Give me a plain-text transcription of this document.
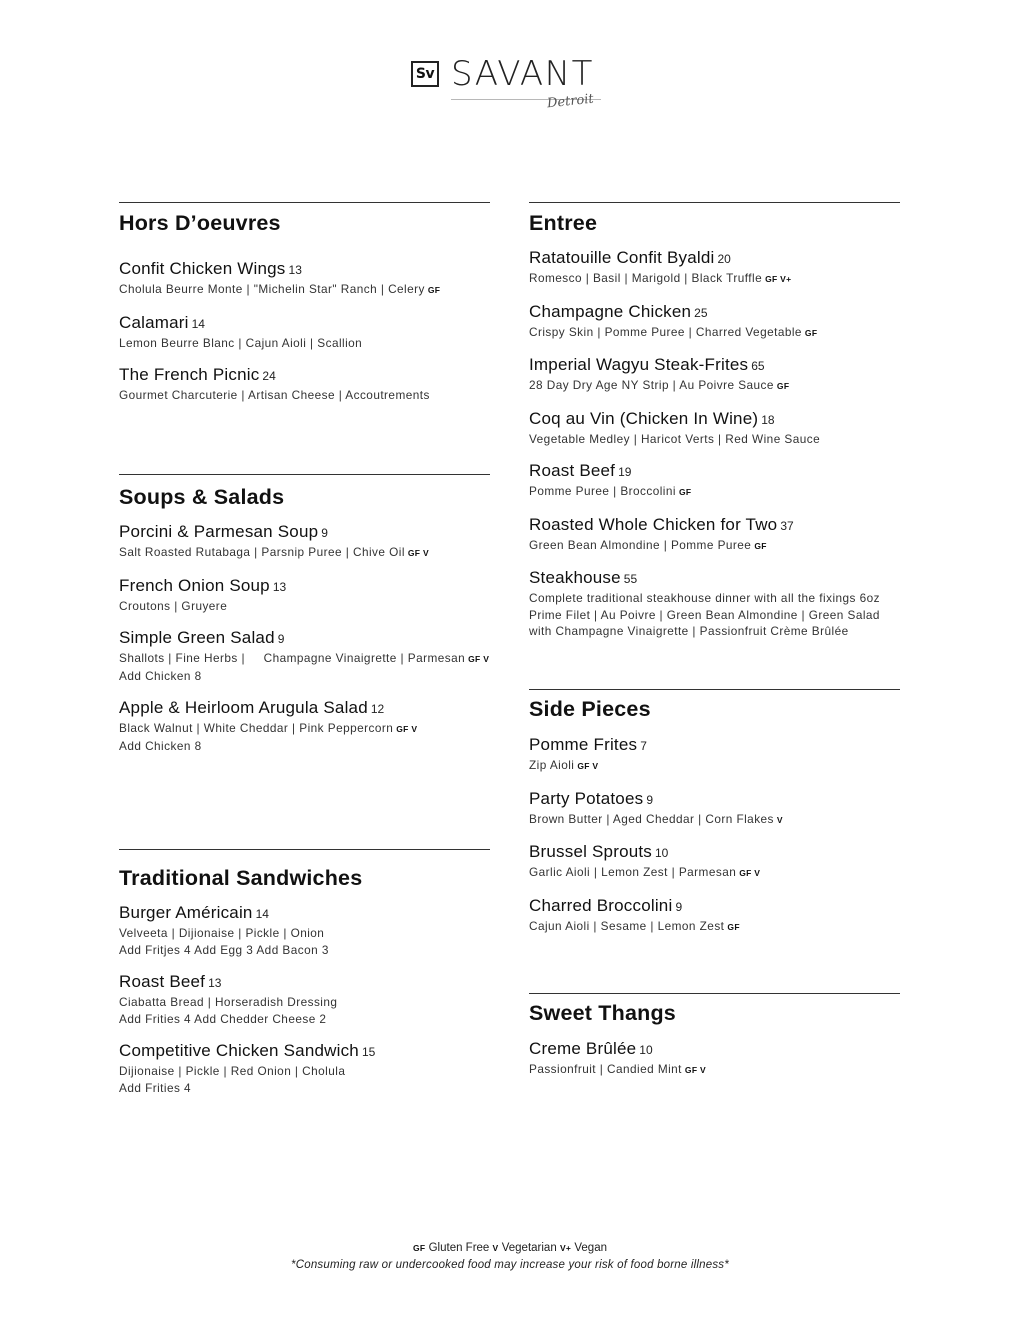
Sv SAVANT
Detroit
Hors D’oeuvres
Confit Chicken Wings 13
Cholula Beurre Monte | "Michelin Star" Ranch | Celery GF
Calamari 14
Lemon Beurre Blanc | Cajun Aioli | Scallion
The French Picnic 24
Gourmet Charcuterie | Artisan Cheese | Accoutrements
Soups & Salads
Porcini & Parmesan Soup 9
Salt Roasted Rutabaga | Parsnip Puree | Chive Oil GF V
French Onion Soup 13
Croutons | Gruyere
Simple Green Salad 9
Shallots | Fine Herbs |     Champagne Vinaigrette | Parmesan GF V
Add Chicken 8
Apple & Heirloom Arugula Salad 12
Black Walnut | White Cheddar | Pink Peppercorn GF V
Add Chicken 8
Traditional Sandwiches
Burger Américain 14
Velveeta | Dijionaise | Pickle | Onion
Add Fritjes 4 Add Egg 3 Add Bacon 3
Roast Beef 13
Ciabatta Bread | Horseradish Dressing
Add Frities 4 Add Chedder Cheese 2
Competitive Chicken Sandwich 15
Dijionaise | Pickle | Red Onion | Cholula
Add Frities 4
Entree
Ratatouille Confit Byaldi 20
Romesco | Basil | Marigold | Black Truffle GF V+
Champagne Chicken 25
Crispy Skin | Pomme Puree | Charred Vegetable GF
Imperial Wagyu Steak-Frites 65
28 Day Dry Age NY Strip | Au Poivre Sauce GF
Coq au Vin (Chicken In Wine) 18
Vegetable Medley | Haricot Verts | Red Wine Sauce
Roast Beef 19
Pomme Puree | Broccolini GF
Roasted Whole Chicken for Two 37
Green Bean Almondine | Pomme Puree GF
Steakhouse 55
Complete traditional steakhouse dinner with all the fixings 6oz Prime Filet | Au Poivre | Green Bean Almondine | Green Salad with Champagne Vinaigrette | Passionfruit Crème Brûlée
Side Pieces
Pomme Frites 7
Zip Aioli GF V
Party Potatoes 9
Brown Butter | Aged Cheddar | Corn Flakes V
Brussel Sprouts 10
Garlic Aioli | Lemon Zest | Parmesan GF V
Charred Broccolini 9
Cajun Aioli | Sesame | Lemon Zest GF
Sweet Thangs
Creme Brûlée 10
Passionfruit | Candied Mint GF V
GF Gluten Free V Vegetarian V+ Vegan
*Consuming raw or undercooked food may increase your risk of food borne illness*
